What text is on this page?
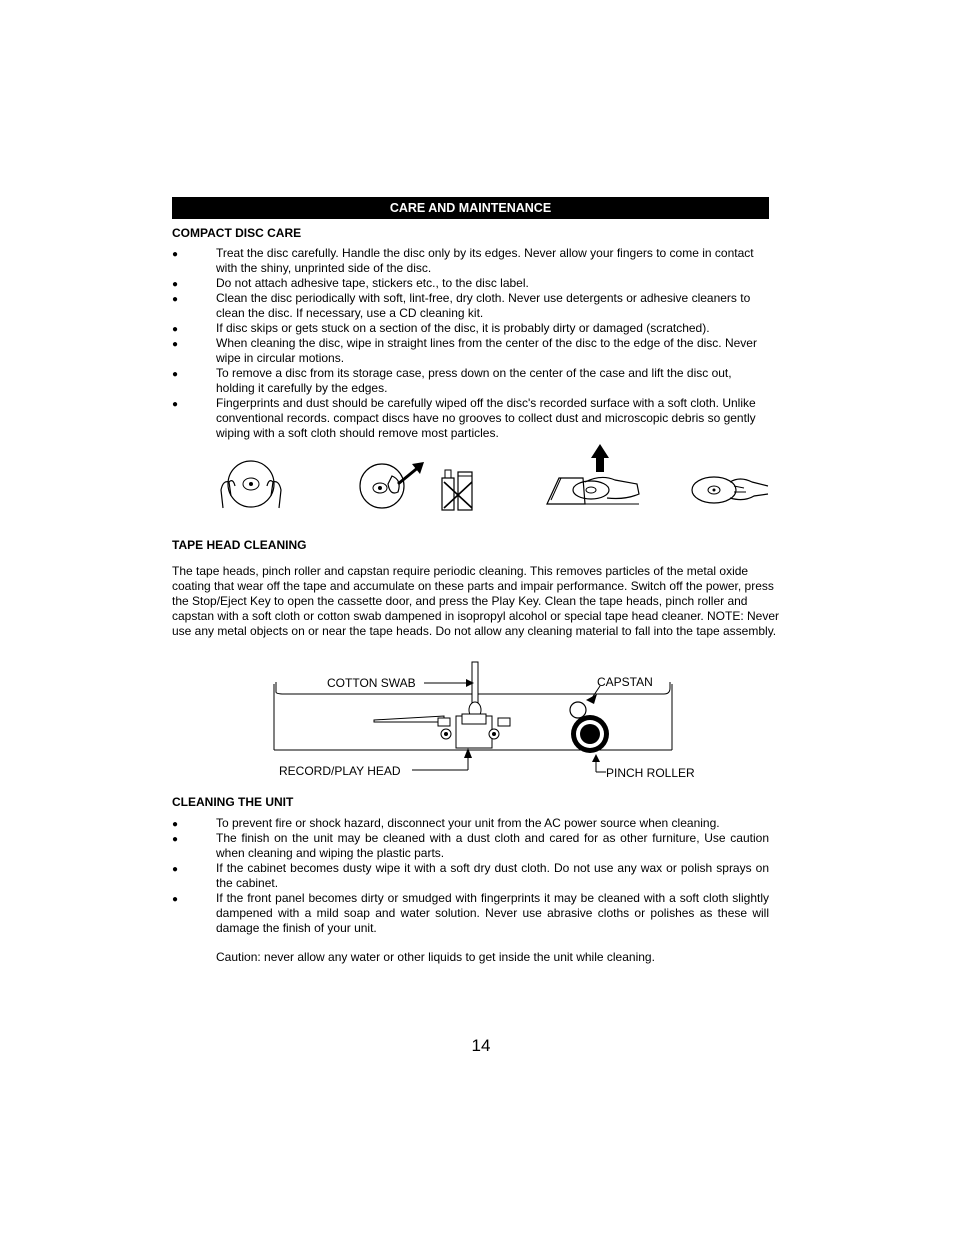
CARE AND MAINTENANCE
COMPACT DISC CARE
●	Treat the disc carefully. Handle the disc only by its edges. Never allow your fingers to come in contact with the shiny, unprinted side of the disc.
●	Do not attach adhesive tape, stickers etc., to the disc label.
●	Clean the disc periodically with soft, lint-free, dry cloth. Never use detergents or adhesive cleaners to clean the disc. If necessary, use a CD cleaning kit.
●	If disc skips or gets stuck on a section of the disc, it is probably dirty or damaged (scratched).
●	When cleaning the disc, wipe in straight lines from the center of the disc to the edge of the disc. Never wipe in circular motions.
●	To remove a disc from its storage case, press down on the center of the case and lift the disc out, holding it carefully by the edges.
●	Fingerprints and dust should be carefully wiped off the disc's recorded surface with a soft cloth. Unlike conventional records. compact discs have no grooves to collect dust and microscopic debris so gently wiping with a soft cloth should remove most particles.
TAPE HEAD CLEANING

The tape heads, pinch roller and capstan require periodic cleaning. This removes particles of the metal oxide coating that wear off the tape and accumulate on these parts and impair performance. Switch off the power, press the Stop/Eject Key to open the cassette door, and press the Play Key. Clean the tape heads, pinch roller and capstan with a soft cloth or cotton swab dampened in isopropyl alcohol or special tape head cleaner. NOTE: Never use any metal objects on or near the tape heads. Do not allow any cleaning material to fall into the tape assembly.

COTTON SWAB	CAPSTAN
RECORD/PLAY HEAD	PINCH ROLLER
CLEANING THE UNIT
●	To prevent fire or shock hazard, disconnect your unit from the AC power source when cleaning.
●	The finish on the unit may be cleaned with a dust cloth and cared for as other furniture, Use caution when cleaning and wiping the plastic parts.
●	If the cabinet becomes dusty wipe it with a soft dry dust cloth. Do not use any wax or polish sprays on the cabinet.
●	If the front panel becomes dirty or smudged with fingerprints it may be cleaned with a soft cloth slightly dampened with a mild soap and water solution. Never use abrasive cloths or polishes as these will damage the finish of your unit.

Caution: never allow any water or other liquids to get inside the unit while cleaning.

14
